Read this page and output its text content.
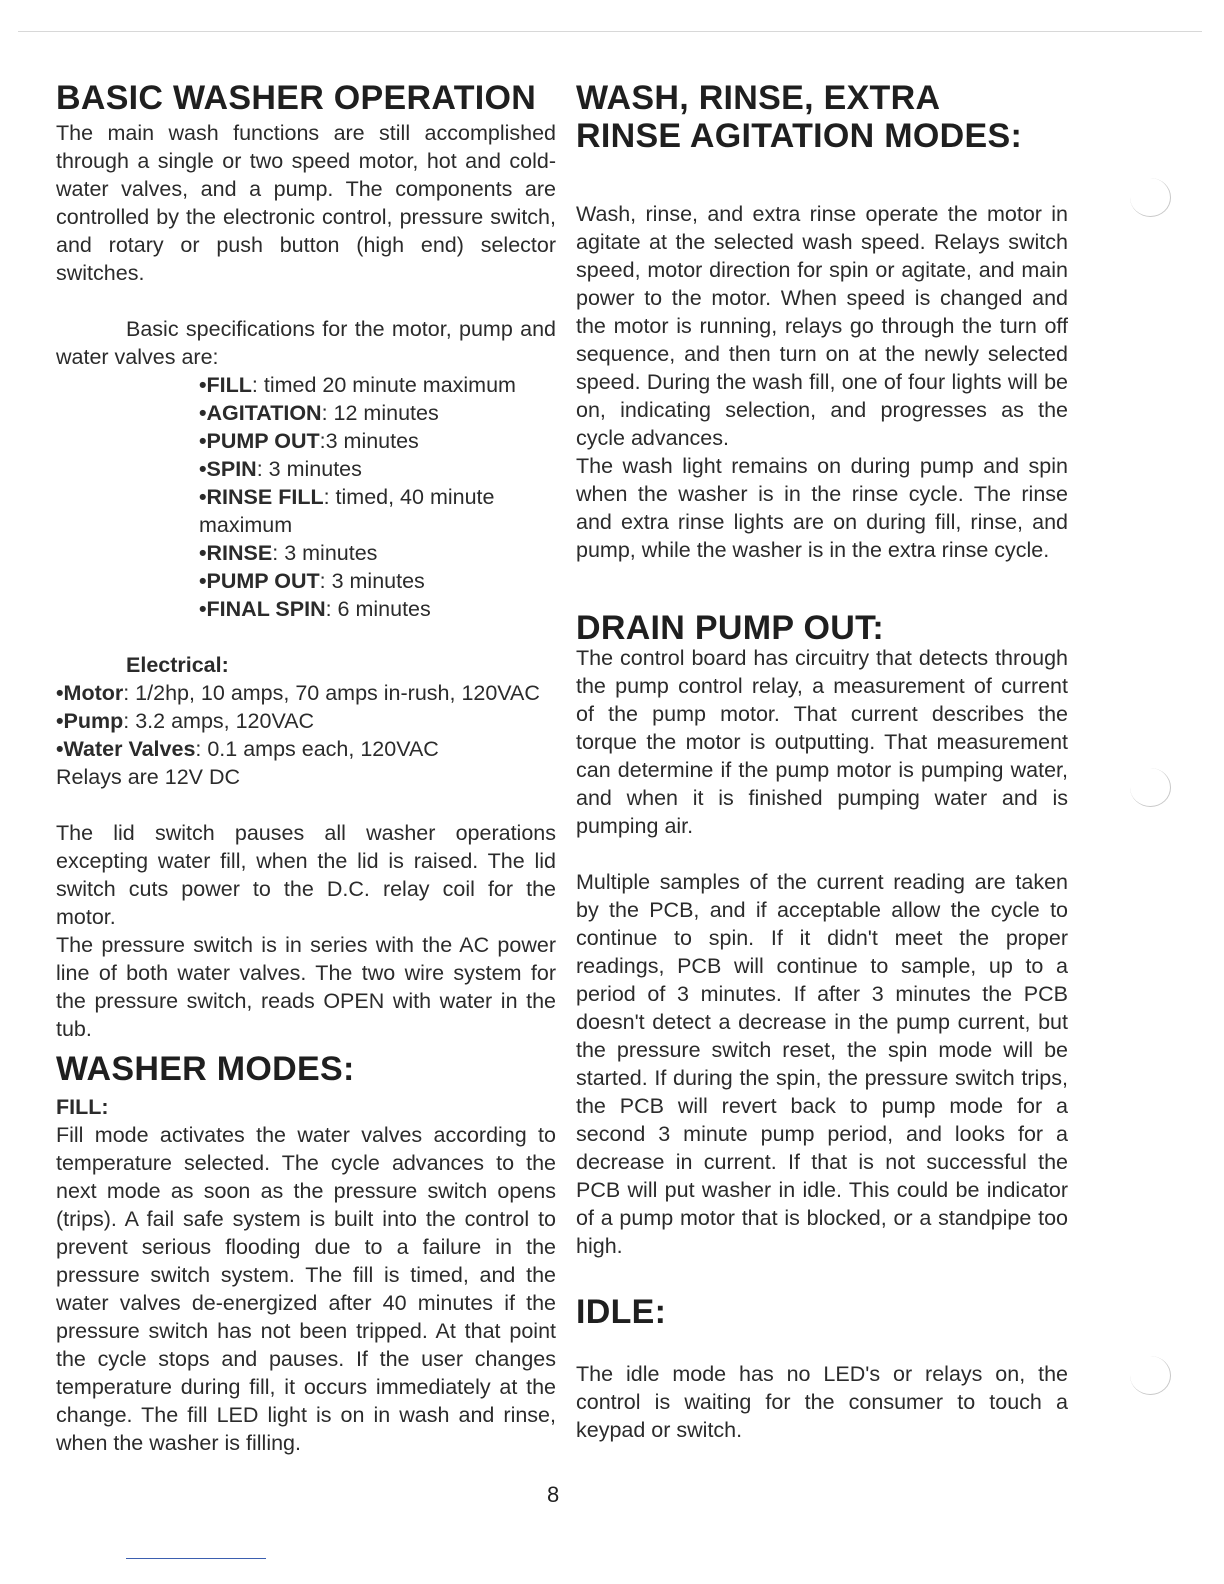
BASIC WASHER OPERATION

The main wash functions are still accomplished through a single or two speed motor, hot and cold-water valves, and a pump. The components are controlled by the electronic control, pressure switch, and rotary or push button (high end) selector switches.

Basic specifications for the motor, pump and water valves are:

•FILL: timed 20 minute maximum
•AGITATION: 12 minutes
•PUMP OUT:3 minutes
•SPIN: 3 minutes
•RINSE FILL: timed, 40 minute maximum
•RINSE: 3 minutes
•PUMP OUT: 3 minutes
•FINAL SPIN: 6 minutes

Electrical:

•Motor: 1/2hp, 10 amps, 70 amps in-rush, 120VAC

•Pump: 3.2 amps, 120VAC

•Water Valves: 0.1 amps each, 120VAC

Relays are 12V DC

The lid switch pauses all washer operations excepting water fill, when the lid is raised. The lid switch cuts power to the D.C. relay coil for the motor.

The pressure switch is in series with the AC power line of both water valves. The two wire system for the pressure switch, reads OPEN with water in the tub.

WASHER MODES:

FILL:

Fill mode activates the water valves according to temperature selected. The cycle advances to the next mode as soon as the pressure switch opens (trips). A fail safe system is built into the control to prevent serious flooding due to a failure in the pressure switch system. The fill is timed, and the water valves de-energized after 40 minutes if the pressure switch has not been tripped. At that point the cycle stops and pauses. If the user changes temperature during fill, it occurs immediately at the change. The fill LED light is on in wash and rinse, when the washer is filling.

WASH, RINSE, EXTRA
RINSE AGITATION MODES:

Wash, rinse, and extra rinse operate the motor in agitate at the selected wash speed. Relays switch speed, motor direction for spin or agitate, and main power to the motor. When speed is changed and the motor is running, relays go through the turn off sequence, and then turn on at the newly selected speed. During the wash fill, one of four lights will be on, indicating selection, and progresses as the cycle advances.

The wash light remains on during pump and spin when the washer is in the rinse cycle. The rinse and extra rinse lights are on during fill, rinse, and pump, while the washer is in the extra rinse cycle.

DRAIN PUMP OUT:

The control board has circuitry that detects through the pump control relay, a measurement of current of the pump motor. That current describes the torque the motor is outputting. That measurement can determine if the pump motor is pumping water, and when it is finished pumping water and is pumping air.

Multiple samples of the current reading are taken by the PCB, and if acceptable allow the cycle to continue to spin. If it didn't meet the proper readings, PCB will continue to sample, up to a period of 3 minutes. If after 3 minutes the PCB doesn't detect a decrease in the pump current, but the pressure switch reset, the spin mode will be started. If during the spin, the pressure switch trips, the PCB will revert back to pump mode for a second 3 minute pump period, and looks for a decrease in current. If that is not successful the PCB will put washer in idle. This could be indicator of a pump motor that is blocked, or a standpipe too high.

IDLE:

The idle mode has no LED's or relays on, the control is waiting for the consumer to touch a keypad or switch.

8
